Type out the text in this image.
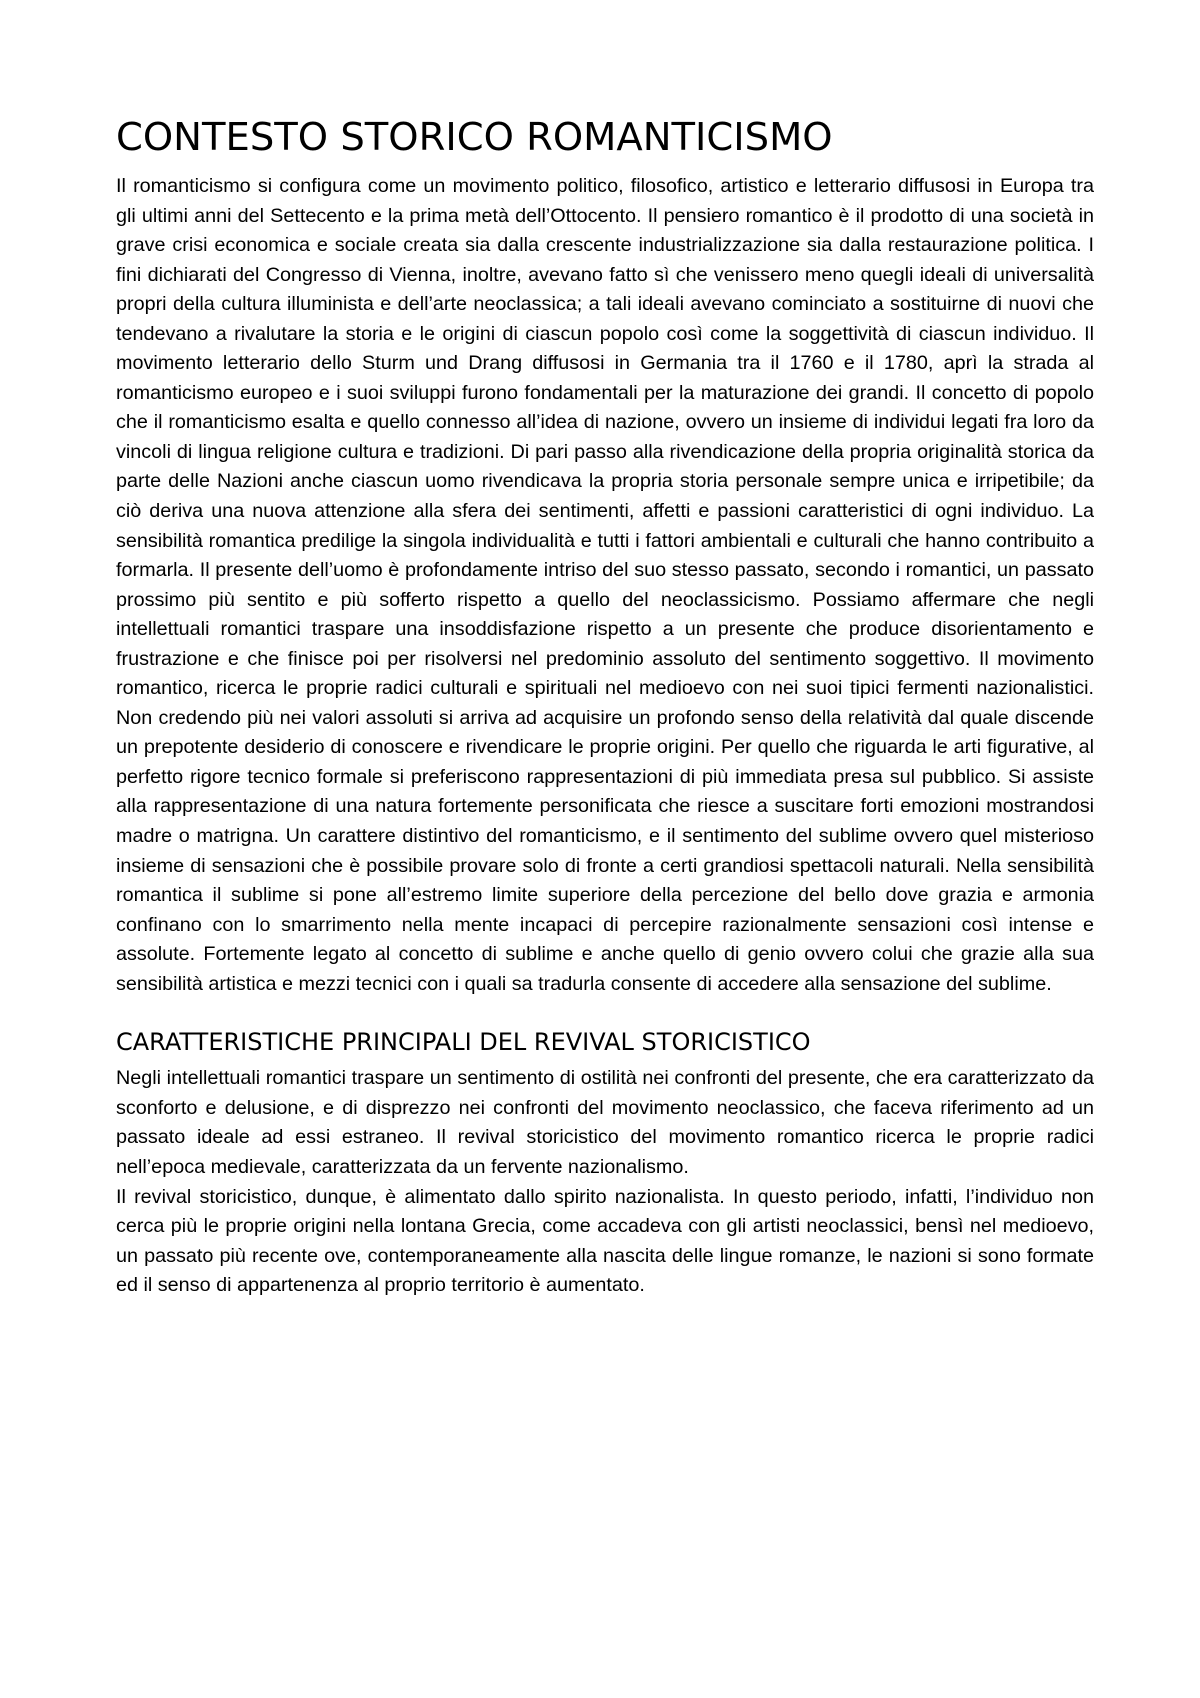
CONTESTO STORICO ROMANTICISMO

Il romanticismo si configura come un movimento politico, filosofico, artistico e letterario diffusosi in Europa tra gli ultimi anni del Settecento e la prima metà dell’Ottocento. Il pensiero romantico è il prodotto di una società in grave crisi economica e sociale creata sia dalla crescente industrializzazione sia dalla restaurazione politica. I fini dichiarati del Congresso di Vienna, inoltre, avevano fatto sì che venissero meno quegli ideali di universalità propri della cultura illuminista e dell’arte neoclassica; a tali ideali avevano cominciato a sostituirne di nuovi che tendevano a rivalutare la storia e le origini di ciascun popolo così come la soggettività di ciascun individuo. Il movimento letterario dello Sturm und Drang diffusosi in Germania tra il 1760 e il 1780, aprì la strada al romanticismo europeo e i suoi sviluppi furono fondamentali per la maturazione dei grandi. Il concetto di popolo che il romanticismo esalta e quello connesso all’idea di nazione, ovvero un insieme di individui legati fra loro da vincoli di lingua religione cultura e tradizioni. Di pari passo alla rivendicazione della propria originalità storica da parte delle Nazioni anche ciascun uomo rivendicava la propria storia personale sempre unica e irripetibile; da ciò deriva una nuova attenzione alla sfera dei sentimenti, affetti e passioni caratteristici di ogni individuo. La sensibilità romantica predilige la singola individualità e tutti i fattori ambientali e culturali che hanno contribuito a formarla. Il presente dell’uomo è profondamente intriso del suo stesso passato, secondo i romantici, un passato prossimo più sentito e più sofferto rispetto a quello del neoclassicismo. Possiamo affermare che negli intellettuali romantici traspare una insoddisfazione rispetto a un presente che produce disorientamento e frustrazione e che finisce poi per risolversi nel predominio assoluto del sentimento soggettivo. Il movimento romantico, ricerca le proprie radici culturali e spirituali nel medioevo con nei suoi tipici fermenti nazionalistici. Non credendo più nei valori assoluti si arriva ad acquisire un profondo senso della relatività dal quale discende un prepotente desiderio di conoscere e rivendicare le proprie origini. Per quello che riguarda le arti figurative, al perfetto rigore tecnico formale si preferiscono rappresentazioni di più immediata presa sul pubblico. Si assiste alla rappresentazione di una natura fortemente personificata che riesce a suscitare forti emozioni mostrandosi madre o matrigna. Un carattere distintivo del romanticismo, e il sentimento del sublime ovvero quel misterioso insieme di sensazioni che è possibile provare solo di fronte a certi grandiosi spettacoli naturali. Nella sensibilità romantica il sublime si pone all’estremo limite superiore della percezione del bello dove grazia e armonia confinano con lo smarrimento nella mente incapaci di percepire razionalmente sensazioni così intense e assolute. Fortemente legato al concetto di sublime e anche quello di genio ovvero colui che grazie alla sua sensibilità artistica e mezzi tecnici con i quali sa tradurla consente di accedere alla sensazione del sublime.

CARATTERISTICHE PRINCIPALI DEL REVIVAL STORICISTICO

Negli intellettuali romantici traspare un sentimento di ostilità nei confronti del presente, che era caratterizzato da sconforto e delusione, e di disprezzo nei confronti del movimento neoclassico, che faceva riferimento ad un passato ideale ad essi estraneo. Il revival storicistico del movimento romantico ricerca le proprie radici nell’epoca medievale, caratterizzata da un fervente nazionalismo.

Il revival storicistico, dunque, è alimentato dallo spirito nazionalista. In questo periodo, infatti, l’individuo non cerca più le proprie origini nella lontana Grecia, come accadeva con gli artisti neoclassici, bensì nel medioevo, un passato più recente ove, contemporaneamente alla nascita delle lingue romanze, le nazioni si sono formate ed il senso di appartenenza al proprio territorio è aumentato.
